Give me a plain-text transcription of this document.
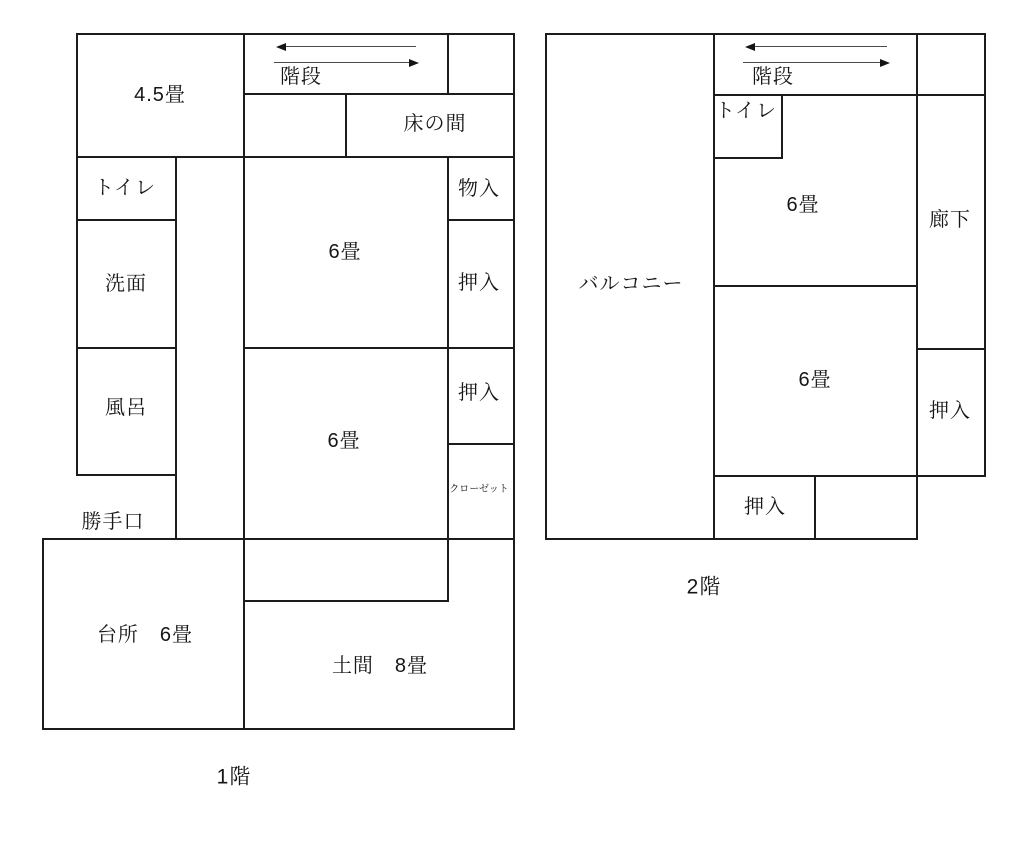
4.5畳
階段
床の間
トイレ	物入
洗面	押入
6畳
風呂
押入
6畳
クローゼット
勝手口
台所　6畳
土間　8畳
1階
階段
トイレ
6畳
廊下
バルコニー
6畳
押入
押入
2階
